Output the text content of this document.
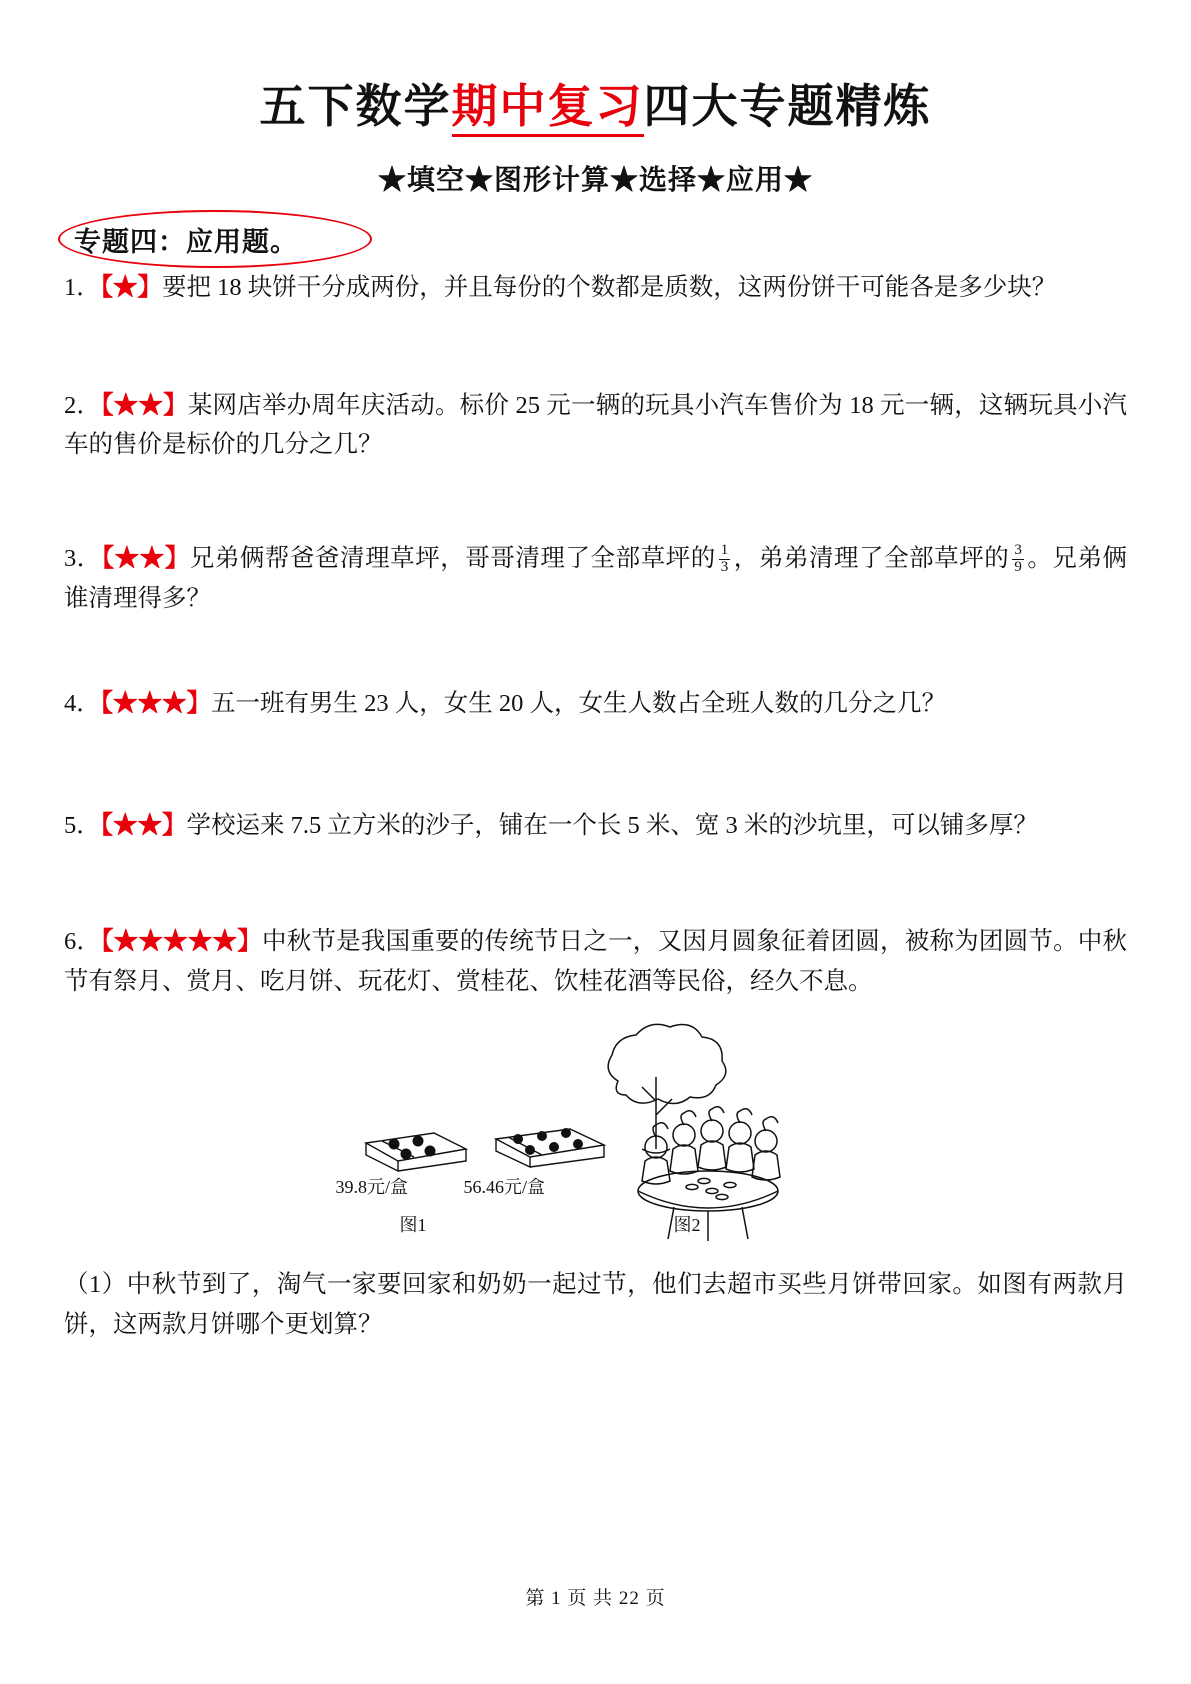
五下数学期中复习四大专题精炼
★填空★图形计算★选择★应用★
专题四：应用题。

1．【★】要把 18 块饼干分成两份，并且每份的个数都是质数，这两份饼干可能各是多少块？

2．【★★】某网店举办周年庆活动。标价 25 元一辆的玩具小汽车售价为 18 元一辆，这辆玩具小汽车的售价是标价的几分之几？

3．【★★】兄弟俩帮爸爸清理草坪，哥哥清理了全部草坪的 $\frac{1}{3}$ ，弟弟清理了全部草坪的 $\frac{3}{9}$ 。兄弟俩谁清理得多？

4．【★★★】五一班有男生 23 人，女生 20 人，女生人数占全班人数的几分之几？

5．【★★】学校运来 7.5 立方米的沙子，铺在一个长 5 米、宽 3 米的沙坑里，可以铺多厚？

6．【★★★★★】中秋节是我国重要的传统节日之一，又因月圆象征着团圆，被称为团圆节。中秋节有祭月、赏月、吃月饼、玩花灯、赏桂花、饮桂花酒等民俗，经久不息。

39.8元/盒	56.46元/盒
图1	图2

（1）中秋节到了，淘气一家要回家和奶奶一起过节，他们去超市买些月饼带回家。如图有两款月饼，这两款月饼哪个更划算？

第 1 页 共 22 页
